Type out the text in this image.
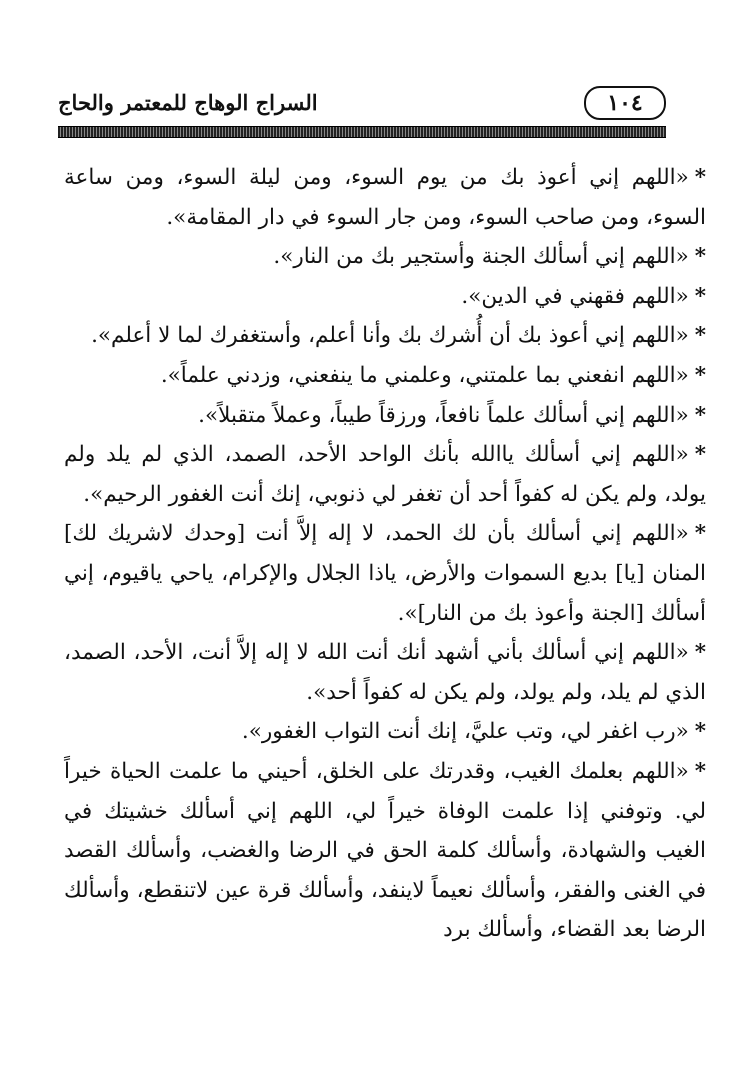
السراج الوهاج للمعتمر والحاج	١٠٤

*«اللهم إني أعوذ بك من يوم السوء، ومن ليلة السوء، ومن ساعة السوء، ومن صاحب السوء، ومن جار السوء في دار المقامة».

*«اللهم إني أسألك الجنة وأستجير بك من النار».

*«اللهم فقهني في الدين».

*«اللهم إني أعوذ بك أن أُشرك بك وأنا أعلم، وأستغفرك لما لا أعلم».

*«اللهم انفعني بما علمتني، وعلمني ما ينفعني، وزدني علماً».

*«اللهم إني أسألك علماً نافعاً، ورزقاً طيباً، وعملاً متقبلاً».

*«اللهم إني أسألك ياالله بأنك الواحد الأحد، الصمد، الذي لم يلد ولم يولد، ولم يكن له كفواً أحد أن تغفر لي ذنوبي، إنك أنت الغفور الرحيم».

*«اللهم إني أسألك بأن لك الحمد، لا إله إلاَّ أنت [وحدك لاشريك لك] المنان [يا] بديع السموات والأرض، ياذا الجلال والإكرام، ياحي ياقيوم، إني أسألك [الجنة وأعوذ بك من النار]».

*«اللهم إني أسألك بأني أشهد أنك أنت الله لا إله إلاَّ أنت، الأحد، الصمد، الذي لم يلد، ولم يولد، ولم يكن له كفواً أحد».

*«رب اغفر لي، وتب عليَّ، إنك أنت التواب الغفور».

*«اللهم بعلمك الغيب، وقدرتك على الخلق، أحيني ما علمت الحياة خيراً لي. وتوفني إذا علمت الوفاة خيراً لي، اللهم إني أسألك خشيتك في الغيب والشهادة، وأسألك كلمة الحق في الرضا والغضب، وأسألك القصد في الغنى والفقر، وأسألك نعيماً لاينفد، وأسألك قرة عين لاتنقطع، وأسألك الرضا بعد القضاء، وأسألك برد
